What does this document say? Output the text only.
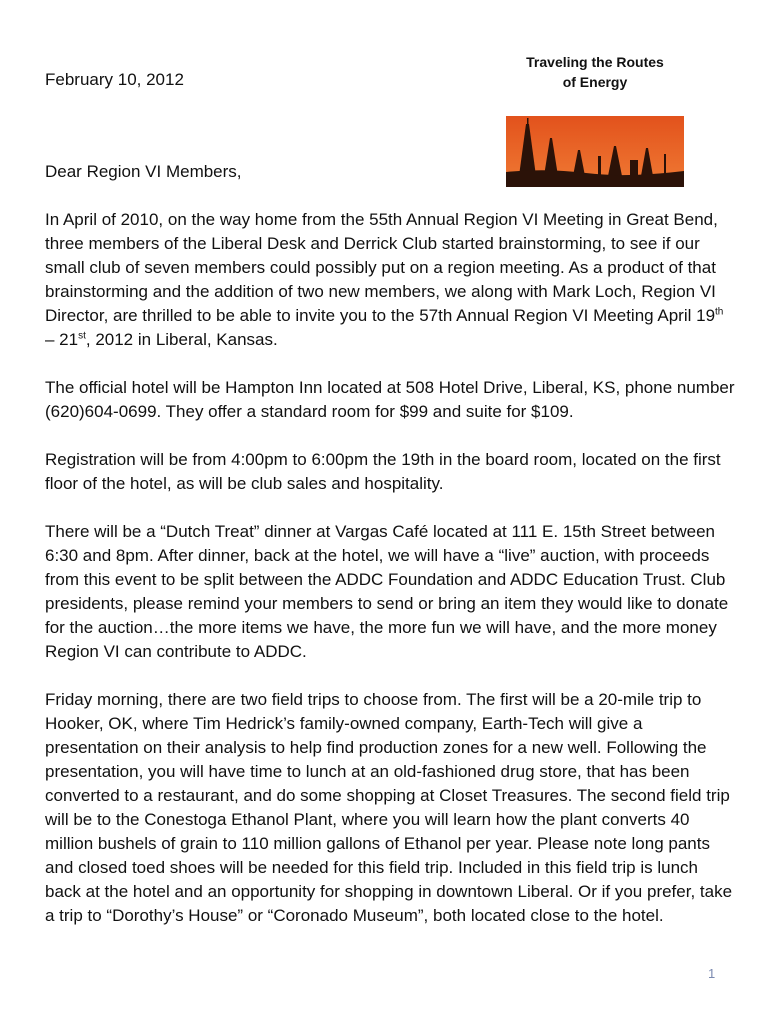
Traveling the Routes
of Energy
February 10, 2012
Dear Region VI Members,

In April of 2010, on the way home from the 55th Annual Region VI Meeting in Great Bend, three members of the Liberal Desk and Derrick Club started brainstorming, to see if our small club of seven members could possibly put on a region meeting. As a product of that brainstorming and the addition of two new members, we along with Mark Loch, Region VI Director, are thrilled to be able to invite you to the 57th Annual Region VI Meeting April 19th – 21st, 2012 in Liberal, Kansas.

The official hotel will be Hampton Inn located at 508 Hotel Drive, Liberal, KS, phone number (620)604-0699. They offer a standard room for $99 and suite for $109.

Registration will be from 4:00pm to 6:00pm the 19th in the board room, located on the first floor of the hotel, as will be club sales and hospitality.

There will be a “Dutch Treat” dinner at Vargas Café located at 111 E. 15th Street between 6:30 and 8pm. After dinner, back at the hotel, we will have a “live” auction, with proceeds from this event to be split between the ADDC Foundation and ADDC Education Trust. Club presidents, please remind your members to send or bring an item they would like to donate for the auction…the more items we have, the more fun we will have, and the more money Region VI can contribute to ADDC.

Friday morning, there are two field trips to choose from. The first will be a 20-mile trip to Hooker, OK, where Tim Hedrick’s family-owned company, Earth-Tech will give a presentation on their analysis to help find production zones for a new well. Following the presentation, you will have time to lunch at an old-fashioned drug store, that has been converted to a restaurant, and do some shopping at Closet Treasures. The second field trip will be to the Conestoga Ethanol Plant, where you will learn how the plant converts 40 million bushels of grain to 110 million gallons of Ethanol per year. Please note long pants and closed toed shoes will be needed for this field trip. Included in this field trip is lunch back at the hotel and an opportunity for shopping in downtown Liberal. Or if you prefer, take a trip to “Dorothy’s House” or “Coronado Museum”, both located close to the hotel.

1
